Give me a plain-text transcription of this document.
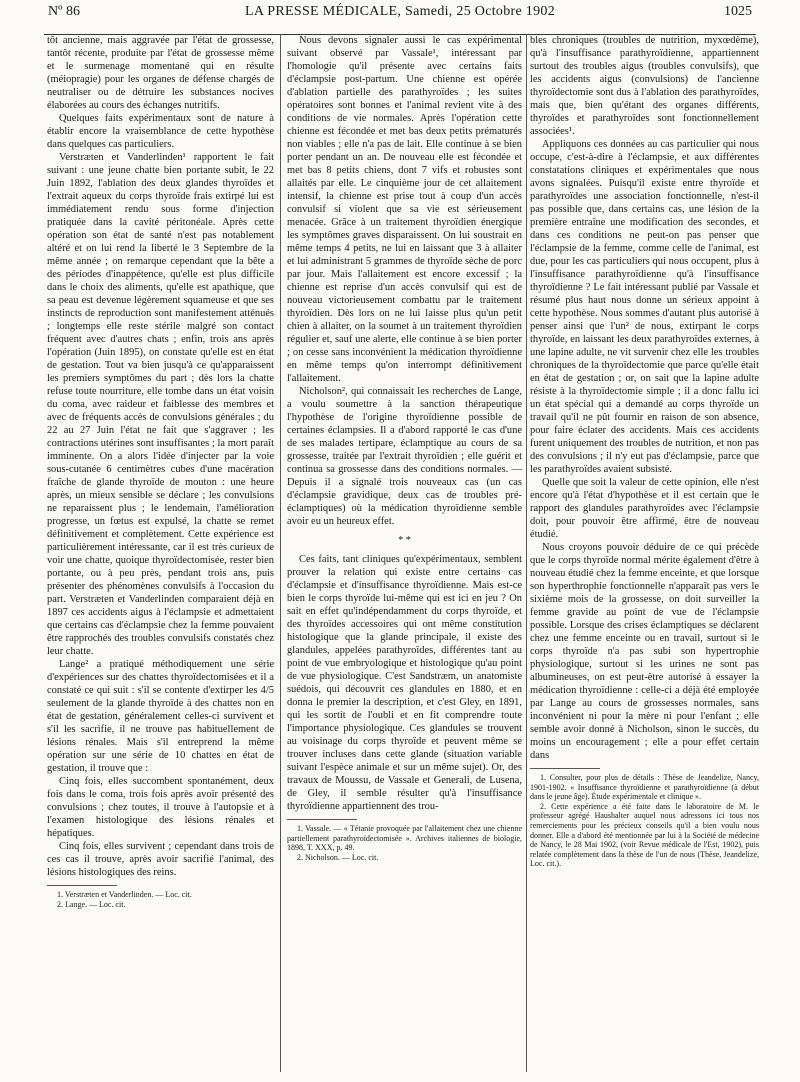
Nº 86	LA PRESSE MÉDICALE, Samedi, 25 Octobre 1902	1025

tôt ancienne, mais aggravée par l'état de grossesse, tantôt récente, produite par l'état de grossesse même et le surmenage momentané qui en résulte (méiopragie) pour les organes de défense chargés de neutraliser ou de détruire les substances nocives élaborées au cours des échanges nutritifs.

Quelques faits expérimentaux sont de nature à établir encore la vraisemblance de cette hypothèse dans quelques cas particuliers.

Verstræten et Vanderlinden¹ rapportent le fait suivant : une jeune chatte bien portante subit, le 22 Juin 1892, l'ablation des deux glandes thyroïdes et l'extrait aqueux du corps thyroïde frais extirpé lui est immédiatement rendu sous forme d'injection pratiquée dans la cavité péritonéale. Après cette opération son état de santé n'est pas notablement altéré et on lui rend la liberté le 3 Septembre de la même année ; on remarque cependant que la bête a des périodes d'inappétence, qu'elle est plus difficile dans le choix des aliments, qu'elle est apathique, que sa peau est devenue légèrement squameuse et que ses instincts de reproduction sont manifestement atténués ; longtemps elle reste stérile malgré son contact fréquent avec d'autres chats ; enfin, trois ans après l'opération (Juin 1895), on constate qu'elle est en état de gestation. Tout va bien jusqu'à ce qu'apparaissent les premiers symptômes du part ; dès lors la chatte refuse toute nourriture, elle tombe dans un état voisin du coma, avec raideur et faiblesse des membres et avec de fréquents accès de convulsions générales ; du 22 au 27 Juin l'état ne fait que s'aggraver ; les contractions utérines sont insuffisantes ; la mort paraît imminente. On a alors l'idée d'injecter par la voie sous-cutanée 6 centimètres cubes d'une macération fraîche de glande thyroïde de mouton : une heure après, un mieux sensible se déclare ; les convulsions ne reparaissent plus ; le lendemain, l'amélioration progresse, un fœtus est expulsé, la chatte se remet définitivement et complètement. Cette expérience est particulièrement intéressante, car il est très curieux de voir une chatte, quoique thyroïdectomisée, rester bien portante, ou à peu près, pendant trois ans, puis présenter des phénomènes convulsifs à l'occasion du part. Verstræten et Vanderlinden comparaient déjà en 1897 ces accidents aigus à l'éclampsie et admettaient que certains cas d'éclampsie chez la femme pouvaient être rapprochés des troubles convulsifs constatés chez leur chatte.

Lange² a pratiqué méthodiquement une série d'expériences sur des chattes thyroïdectomisées et il a constaté ce qui suit : s'il se contente d'extirper les 4/5 seulement de la glande thyroïde à des chattes non en état de gestation, généralement celles-ci survivent et s'il les sacrifie, il ne trouve pas habituellement de lésions rénales. Mais s'il entreprend la même opération sur une série de 10 chattes en état de gestation, il trouve que :

Cinq fois, elles succombent spontanément, deux fois dans le coma, trois fois après avoir présenté des convulsions ; chez toutes, il trouve à l'autopsie et à l'examen histologique des lésions rénales et hépatiques.

Cinq fois, elles survivent ; cependant dans trois de ces cas il trouve, après avoir sacrifié l'animal, des lésions histologiques des reins.

1. Verstræten et Vanderlinden. — Loc. cit.

2. Lange. — Loc. cit.

Nous devons signaler aussi le cas expérimental suivant observé par Vassale¹, intéressant par l'homologie qu'il présente avec certains faits d'éclampsie post-partum. Une chienne est opérée d'ablation partielle des parathyroïdes ; les suites opératoires sont bonnes et l'animal revient vite à des conditions de vie normales. Après l'opération cette chienne est fécondée et met bas deux petits prématurés non viables ; elle n'a pas de lait. Elle continue à se bien porter pendant un an. De nouveau elle est fécondée et met bas 8 petits chiens, dont 7 vifs et robustes sont allaités par elle. Le cinquième jour de cet allaitement intensif, la chienne est prise tout à coup d'un accès convulsif si violent que sa vie est sérieusement menacée. Grâce à un traitement thyroïdien énergique les symptômes graves disparaissent. On lui soustrait en même temps 4 petits, ne lui en laissant que 3 à allaiter et lui administrant 5 grammes de thyroïde sèche de porc par jour. Mais l'allaitement est encore excessif ; la chienne est reprise d'un accès convulsif qui est de nouveau victorieusement combattu par le traitement thyroïdien. Dès lors on ne lui laisse plus qu'un petit chien à allaiter, on la soumet à un traitement thyroïdien régulier et, sauf une alerte, elle continue à se bien porter ; on cesse sans inconvénient la médication thyroïdienne en même temps qu'on interrompt définitivement l'allaitement.

Nicholson², qui connaissait les recherches de Lange, a voulu soumettre à la sanction thérapeutique l'hypothèse de l'origine thyroïdienne possible de certaines éclampsies. Il a d'abord rapporté le cas d'une de ses malades tertipare, éclamptique au cours de sa grossesse, traitée par l'extrait thyroïdien ; elle guérit et continua sa grossesse dans des conditions normales. — Depuis il a signalé trois nouveaux cas (un cas d'éclampsie gravidique, deux cas de troubles pré-éclamptiques) où la médication thyroïdienne semble avoir eu un heureux effet.

* *

Ces faits, tant cliniques qu'expérimentaux, semblent prouver la relation qui existe entre certains cas d'éclampsie et d'insuffisance thyroïdienne. Mais est-ce bien le corps thyroïde lui-même qui est ici en jeu ? On sait en effet qu'indépendamment du corps thyroïde, et des thyroïdes accessoires qui ont même constitution histologique que la glande principale, il existe des glandules, appelées parathyroïdes, différentes tant au point de vue embryologique et histologique qu'au point de vue physiologique. C'est Sandstræm, un anatomiste suédois, qui découvrit ces glandules en 1880, et en donna le premier la description, et c'est Gley, en 1891, qui les sortit de l'oubli et en fit comprendre toute l'importance physiologique. Ces glandules se trouvent au voisinage du corps thyroïde et peuvent même se trouver incluses dans cette glande (situation variable suivant l'espèce animale et sur un même sujet). Or, des travaux de Moussu, de Vassale et Generali, de Lusena, de Gley, il semble résulter qu'à l'insuffisance thyroïdienne appartiennent des trou-

1. Vassale. — « Tétanie provoquée par l'allaitement chez une chienne partiellement parathyroïdectomisée ». Archives italiennes de biologie, 1898, T. XXX, p. 49.

2. Nicholson. — Loc. cit.

bles chroniques (troubles de nutrition, myxœdème), qu'à l'insuffisance parathyroïdienne, appartiennent surtout des troubles aigus (troubles convulsifs), que les accidents aigus (convulsions) de l'ancienne thyroïdectomie sont dus à l'ablation des parathyroïdes, mais que, bien qu'étant des organes différents, thyroïdes et parathyroïdes sont fonctionnellement associées¹.

Appliquons ces données au cas particulier qui nous occupe, c'est-à-dire à l'éclampsie, et aux différentes constatations cliniques et expérimentales que nous avons signalées. Puisqu'il existe entre thyroïde et parathyroïdes une association fonctionnelle, n'est-il pas possible que, dans certains cas, une lésion de la première entraîne une modification des secondes, et dans ces conditions ne peut-on pas penser que l'éclampsie de la femme, comme celle de l'animal, est due, pour les cas particuliers qui nous occupent, plus à l'insuffisance parathyroïdienne qu'à l'insuffisance thyroïdienne ? Le fait intéressant publié par Vassale et résumé plus haut nous donne un sérieux appoint à cette hypothèse. Nous sommes d'autant plus autorisé à penser ainsi que l'un² de nous, extirpant le corps thyroïde, en laissant les deux parathyroïdes externes, à une lapine adulte, ne vit survenir chez elle les troubles chroniques de la thyroïdectomie que parce qu'elle était en état de gestation ; or, on sait que la lapine adulte résiste à la thyroïdectomie simple ; il a donc fallu ici un état spécial qui a demandé au corps thyroïde un travail qu'il ne pût fournir en raison de son absence, pour faire éclater des accidents. Mais ces accidents furent uniquement des troubles de nutrition, et non pas des convulsions ; il n'y eut pas d'éclampsie, parce que les parathyroïdes avaient subsisté.

Quelle que soit la valeur de cette opinion, elle n'est encore qu'à l'état d'hypothèse et il est certain que le rapport des glandules parathyroïdes avec l'éclampsie doit, pour pouvoir être affirmé, être de nouveau étudié.

Nous croyons pouvoir déduire de ce qui précède que le corps thyroïde normal mérite également d'être à nouveau étudié chez la femme enceinte, et que lorsque son hyperthrophie fonctionnelle n'apparaît pas vers le sixième mois de la grossesse, on doit surveiller la femme gravide au point de vue de l'éclampsie possible. Lorsque des crises éclamptiques se déclarent chez une femme enceinte ou en travail, surtout si le corps thyroïde n'a pas subi son hypertrophie physiologique, surtout si les urines ne sont pas albumineuses, on est peut-être autorisé à essayer la médication thyroïdienne : celle-ci a déjà été employée par Lange au cours de grossesses normales, sans inconvénient ni pour la mère ni pour l'enfant ; elle semble avoir donné à Nicholson, sinon le succès, du moins un encouragement ; elle a pour effet certain dans

1. Consulter, pour plus de détails : Thèse de Jeandelize, Nancy, 1901-1902. « Insuffisance thyroïdienne et parathyroïdienne (à début dans le jeune âge). Étude expérimentale et clinique ».

2. Cette expérience a été faite dans le laboratoire de M. le professeur agrégé Haushalter auquel nous adressons ici tous nos remerciements pour les précieux conseils qu'il a bien voulu nous donner. Elle a d'abord été mentionnée par lui à la Société de médecine de Nancy, le 28 Mai 1902, (voir Revue médicale de l'Est, 1902), puis relatée complètement dans la thèse de l'un de nous (Thèse, Jeandelize, Loc. cit.).
